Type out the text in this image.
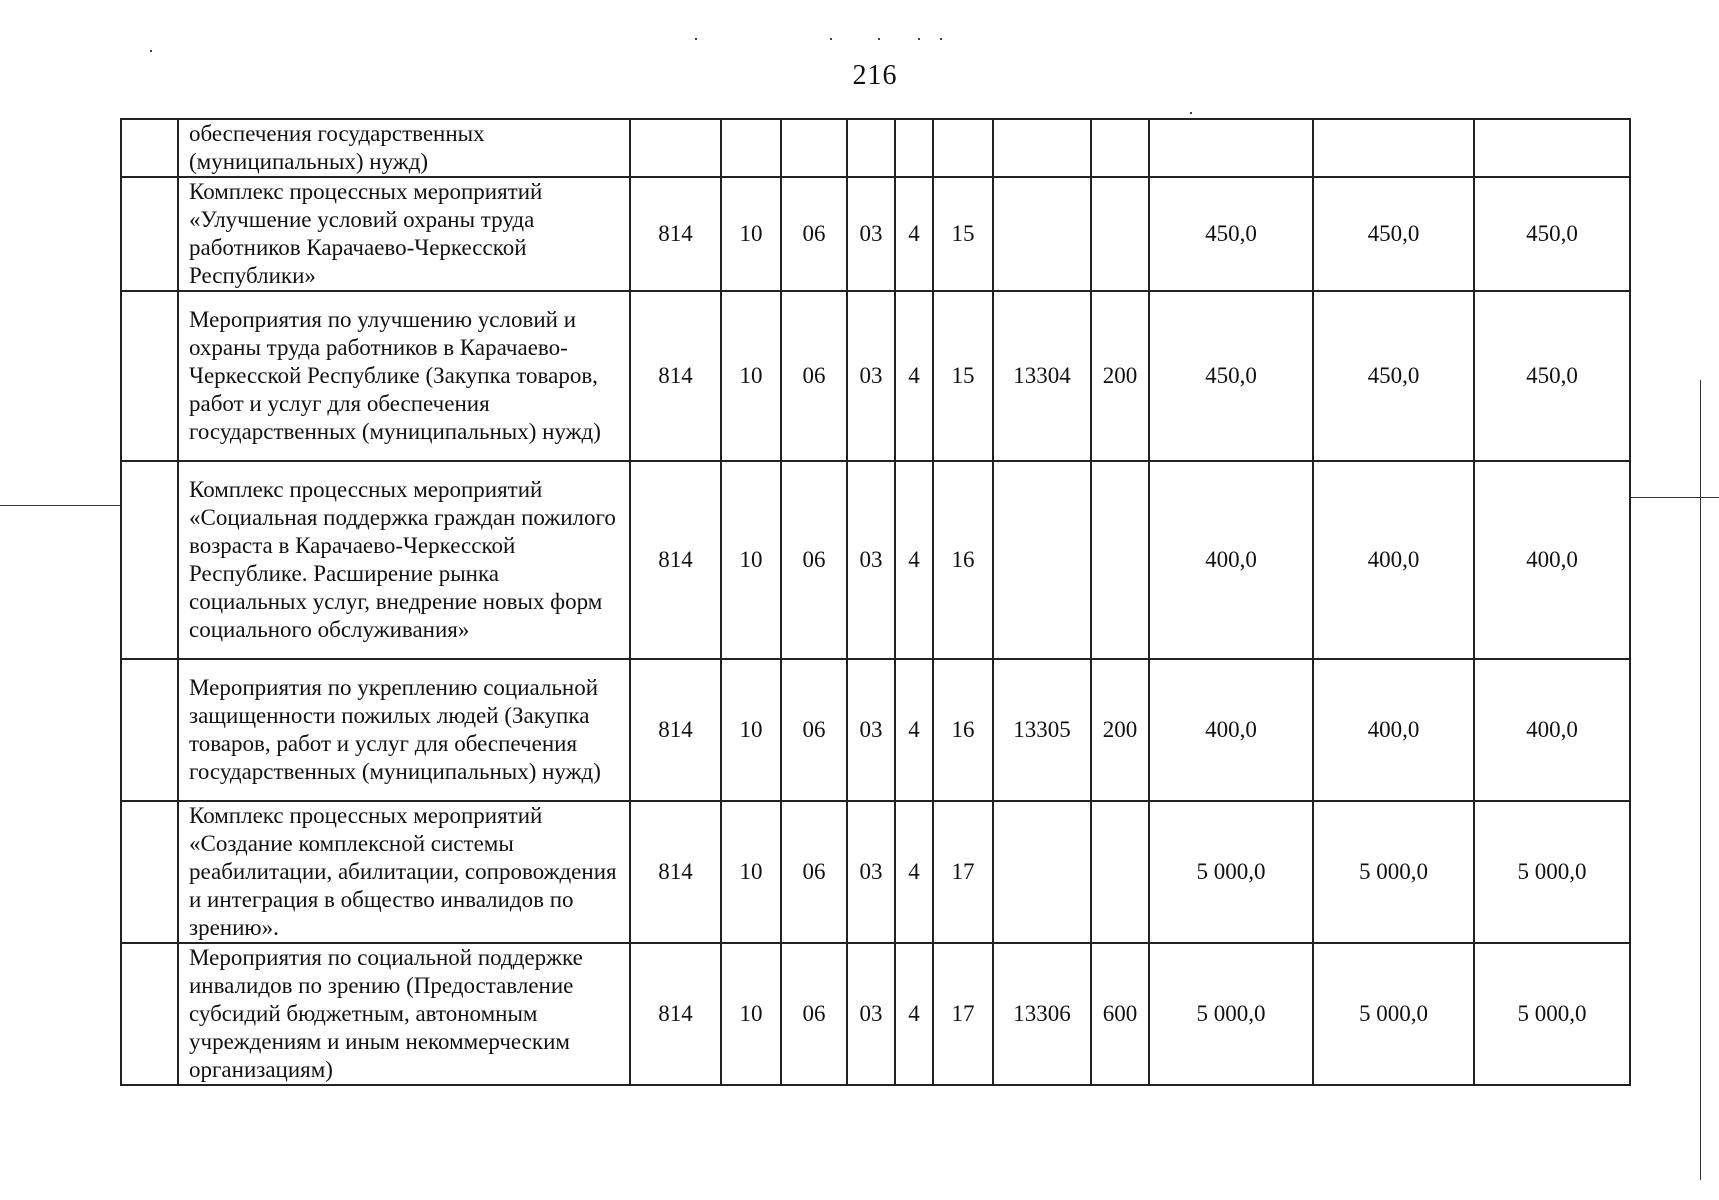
216
	обеспечения государственных (муниципальных) нужд)											
	Комплекс процессных мероприятий «Улучшение условий охраны труда работников Карачаево-Черкесской Республики»	814	10	06	03	4	15			450,0	450,0	450,0
	Мероприятия по улучшению условий и охраны труда работников в Карачаево-Черкесской Республике (Закупка товаров, работ и услуг для обеспечения государственных (муниципальных) нужд)	814	10	06	03	4	15	13304	200	450,0	450,0	450,0
	Комплекс процессных мероприятий «Социальная поддержка граждан пожилого возраста в Карачаево-Черкесской Республике. Расширение рынка социальных услуг, внедрение новых форм социального обслуживания»	814	10	06	03	4	16			400,0	400,0	400,0
	Мероприятия по укреплению социальной защищенности пожилых людей (Закупка товаров, работ и услуг для обеспечения государственных (муниципальных) нужд)	814	10	06	03	4	16	13305	200	400,0	400,0	400,0
	Комплекс процессных мероприятий «Создание комплексной системы реабилитации, абилитации, сопровождения и интеграция в общество инвалидов по зрению».	814	10	06	03	4	17			5 000,0	5 000,0	5 000,0
	Мероприятия по социальной поддержке инвалидов по зрению (Предоставление субсидий бюджетным, автономным учреждениям и иным некоммерческим организациям)	814	10	06	03	4	17	13306	600	5 000,0	5 000,0	5 000,0
